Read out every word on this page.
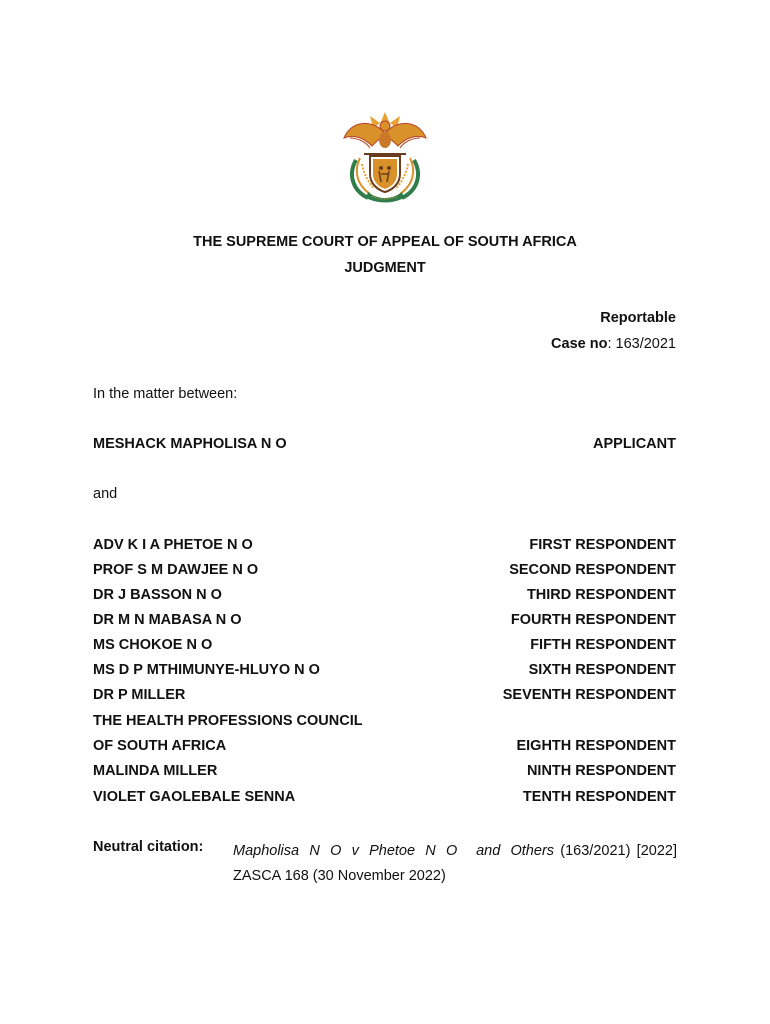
THE SUPREME COURT OF APPEAL OF SOUTH AFRICA
JUDGMENT
Reportable
Case no: 163/2021
In the matter between:
MESHACK MAPHOLISA N O	APPLICANT
and
ADV K I A PHETOE N O	FIRST RESPONDENT
PROF S M DAWJEE N O	SECOND RESPONDENT
DR J BASSON N O	THIRD RESPONDENT
DR M N MABASA N O	FOURTH RESPONDENT
MS CHOKOE N O	FIFTH RESPONDENT
MS D P MTHIMUNYE-HLUYO N O	SIXTH RESPONDENT
DR P MILLER	SEVENTH RESPONDENT
THE HEALTH PROFESSIONS COUNCIL
OF SOUTH AFRICA	EIGHTH RESPONDENT
MALINDA MILLER	NINTH RESPONDENT
VIOLET GAOLEBALE SENNA	TENTH RESPONDENT
Neutral citation: Mapholisa N O v Phetoe N O and Others (163/2021) [2022] ZASCA 168 (30 November 2022)
